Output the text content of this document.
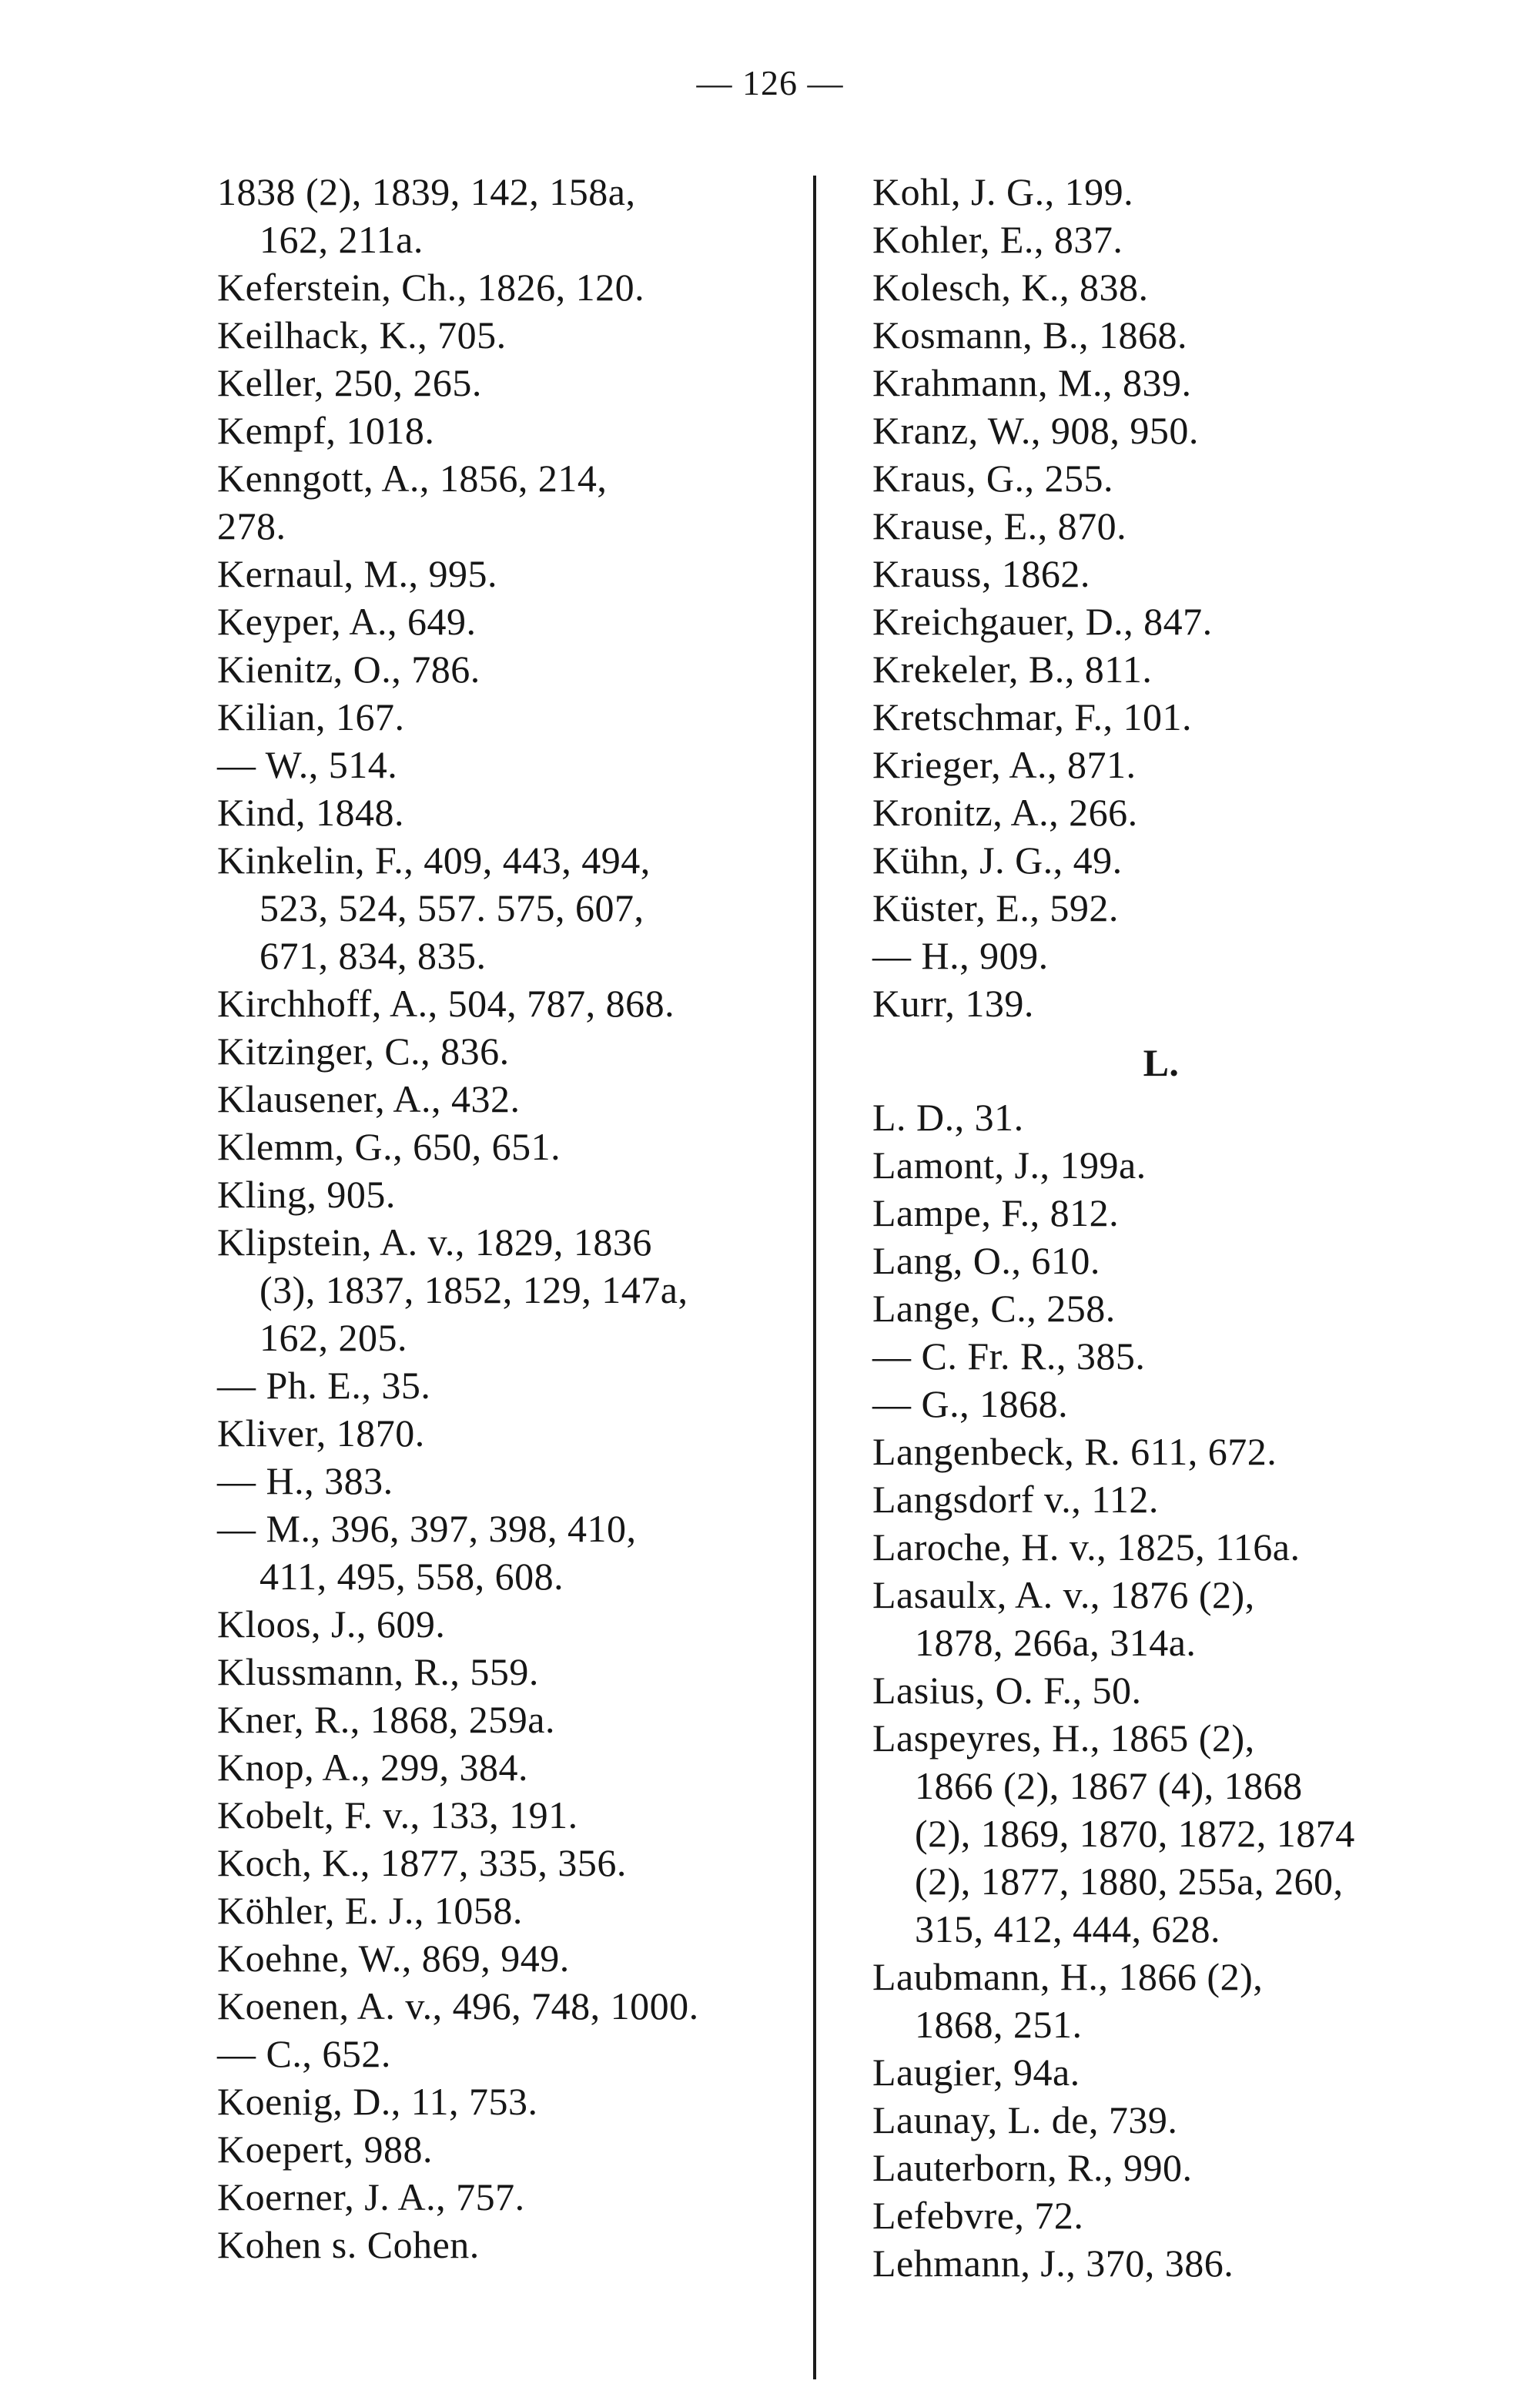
— 126 —
1838 (2), 1839, 142, 158a,
162, 211a.
Keferstein, Ch., 1826, 120.
Keilhack, K., 705.
Keller, 250, 265.
Kempf, 1018.
Kenngott, A., 1856, 214,
278.
Kernaul, M., 995.
Keyper, A., 649.
Kienitz, O., 786.
Kilian, 167.
— W., 514.
Kind, 1848.
Kinkelin, F., 409, 443, 494,
523, 524, 557. 575, 607,
671, 834, 835.
Kirchhoff, A., 504, 787, 868.
Kitzinger, C., 836.
Klausener, A., 432.
Klemm, G., 650, 651.
Kling, 905.
Klipstein, A. v., 1829, 1836
(3), 1837, 1852, 129, 147a,
162, 205.
— Ph. E., 35.
Kliver, 1870.
— H., 383.
— M., 396, 397, 398, 410,
411, 495, 558, 608.
Kloos, J., 609.
Klussmann, R., 559.
Kner, R., 1868, 259a.
Knop, A., 299, 384.
Kobelt, F. v., 133, 191.
Koch, K., 1877, 335, 356.
Köhler, E. J., 1058.
Koehne, W., 869, 949.
Koenen, A. v., 496, 748, 1000.
— C., 652.
Koenig, D., 11, 753.
Koepert, 988.
Koerner, J. A., 757.
Kohen s. Cohen.
Kohl, J. G., 199.
Kohler, E., 837.
Kolesch, K., 838.
Kosmann, B., 1868.
Krahmann, M., 839.
Kranz, W., 908, 950.
Kraus, G., 255.
Krause, E., 870.
Krauss, 1862.
Kreichgauer, D., 847.
Krekeler, B., 811.
Kretschmar, F., 101.
Krieger, A., 871.
Kronitz, A., 266.
Kühn, J. G., 49.
Küster, E., 592.
— H., 909.
Kurr, 139.
L.
L. D., 31.
Lamont, J., 199a.
Lampe, F., 812.
Lang, O., 610.
Lange, C., 258.
— C. Fr. R., 385.
— G., 1868.
Langenbeck, R. 611, 672.
Langsdorf v., 112.
Laroche, H. v., 1825, 116a.
Lasaulx, A. v., 1876 (2),
1878, 266a, 314a.
Lasius, O. F., 50.
Laspeyres, H., 1865 (2),
1866 (2), 1867 (4), 1868
(2), 1869, 1870, 1872, 1874
(2), 1877, 1880, 255a, 260,
315, 412, 444, 628.
Laubmann, H., 1866 (2),
1868, 251.
Laugier, 94a.
Launay, L. de, 739.
Lauterborn, R., 990.
Lefebvre, 72.
Lehmann, J., 370, 386.
